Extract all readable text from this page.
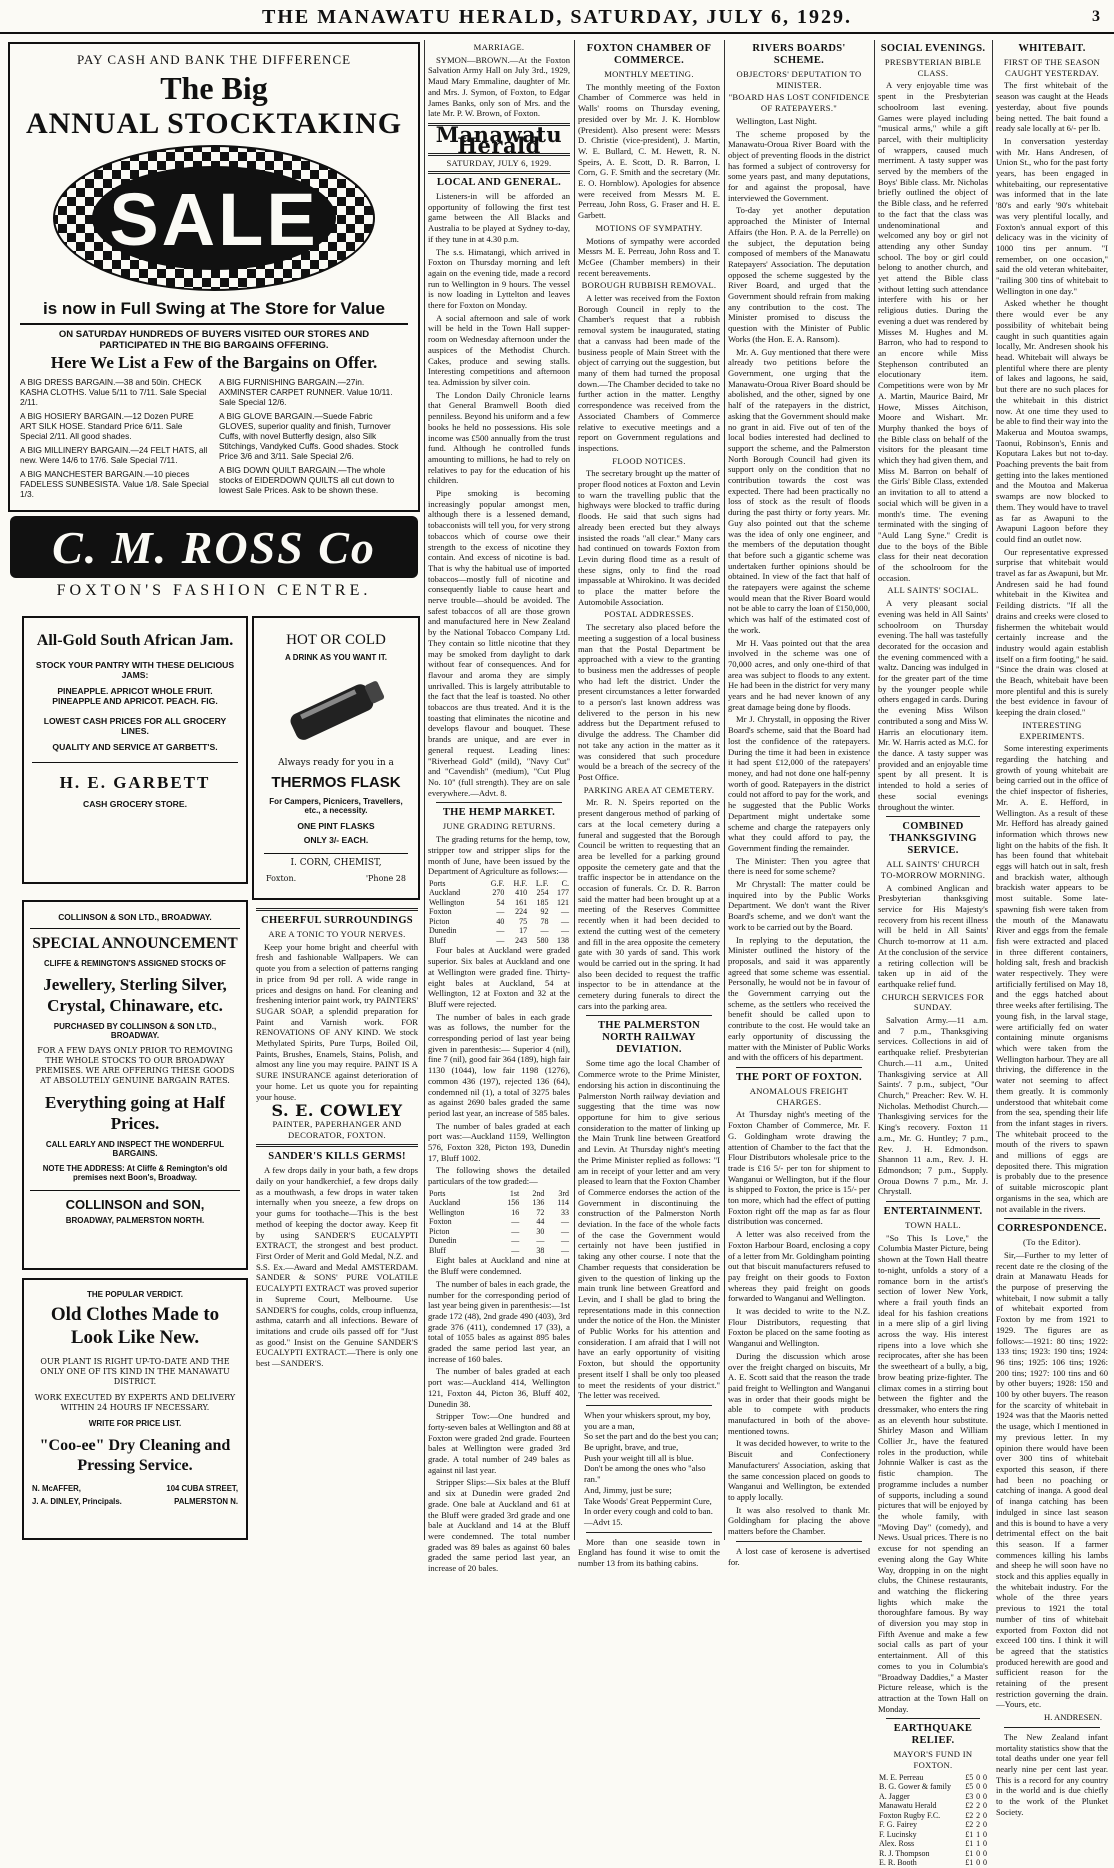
THE MANAWATU HERALD, SATURDAY, JULY 6, 1929.	3
PAY CASH AND BANK THE DIFFERENCE
The Big
ANNUAL STOCKTAKING
SALE
is now in Full Swing at The Store for Value
ON SATURDAY HUNDREDS OF BUYERS VISITED OUR STORES AND PARTICIPATED IN THE BIG BARGAINS OFFERING.
Here We List a Few of the Bargains on Offer.
A BIG DRESS BARGAIN.—38 and 50in. CHECK KASHA CLOTHS. Value 5/11 to 7/11. Sale Special 2/11.
A BIG HOSIERY BARGAIN.—12 Dozen PURE ART SILK HOSE. Standard Price 6/11. Sale Special 2/11. All good shades.
A BIG MILLINERY BARGAIN.—24 FELT HATS, all new. Were 14/6 to 17/6. Sale Special 7/11.
A BIG MANCHESTER BARGAIN.—10 pieces FADELESS SUNBESISTA. Value 1/8. Sale Special 1/3.
A BIG FURNISHING BARGAIN.—27in. AXMINSTER CARPET RUNNER. Value 10/11. Sale Special 12/6.
A BIG GLOVE BARGAIN.—Suede Fabric GLOVES, superior quality and finish, Turnover Cuffs, with novel Butterfly design, also Silk Stitchings, Vandyked Cuffs. Good shades. Stock Price 3/6 and 3/11. Sale Special 2/6.
A BIG DOWN QUILT BARGAIN.—The whole stocks of EIDERDOWN QUILTS all cut down to lowest Sale Prices. Ask to be shown these.
C. M. ROSS Co
FOXTON'S FASHION CENTRE.
All-Gold South African Jam.
STOCK YOUR PANTRY WITH THESE DELICIOUS JAMS:
PINEAPPLE. APRICOT WHOLE FRUIT. PINEAPPLE AND APRICOT. PEACH. FIG.
LOWEST CASH PRICES FOR ALL GROCERY LINES.
QUALITY AND SERVICE AT GARBETT'S.
H. E. GARBETT
CASH GROCERY STORE.
HOT OR COLD
A DRINK AS YOU WANT IT.
Always ready for you in a
THERMOS FLASK
For Campers, Picnicers, Travellers, etc., a necessity.
ONE PINT FLASKS
ONLY 3/- EACH.
I. CORN, CHEMIST,
Foxton.	'Phone 28
COLLINSON & SON LTD., BROADWAY.
SPECIAL ANNOUNCEMENT
CLIFFE & REMINGTON'S ASSIGNED STOCKS OF
Jewellery, Sterling Silver, Crystal, Chinaware, etc.
PURCHASED BY COLLINSON & SON LTD., BROADWAY.
FOR A FEW DAYS ONLY PRIOR TO REMOVING THE WHOLE STOCKS TO OUR BROADWAY PREMISES. WE ARE OFFERING THESE GOODS AT ABSOLUTELY GENUINE BARGAIN RATES.
Everything going at Half Prices.
CALL EARLY AND INSPECT THE WONDERFUL BARGAINS.
NOTE THE ADDRESS: At Cliffe & Remington's old premises next Boon's, Broadway.
COLLINSON and SON,
BROADWAY, PALMERSTON NORTH.
THE POPULAR VERDICT.
Old Clothes Made to Look Like New.
OUR PLANT IS RIGHT UP-TO-DATE AND THE ONLY ONE OF ITS KIND IN THE MANAWATU DISTRICT.
WORK EXECUTED BY EXPERTS AND DELIVERY WITHIN 24 HOURS IF NECESSARY.
WRITE FOR PRICE LIST.
"Coo-ee" Dry Cleaning and Pressing Service.
N. McAFFER,
J. A. DINLEY, Principals.
104 CUBA STREET,
PALMERSTON N.
CHEERFUL SURROUNDINGS
ARE A TONIC TO YOUR NERVES.

Keep your home bright and cheerful with fresh and fashionable Wallpapers. We can quote you from a selection of patterns ranging in price from 9d per roll. A wide range in prices and designs on hand. For cleaning and freshening interior paint work, try PAINTERS' SUGAR SOAP, a splendid preparation for Paint and Varnish work. FOR RENOVATIONS OF ANY KIND. We stock Methylated Spirits, Pure Turps, Boiled Oil, Paints, Brushes, Enamels, Stains, Polish, and almost any line you may require. PAINT IS A SURE INSURANCE against deterioration of your home. Let us quote you for repainting your house.

S. E. COWLEY
PAINTER, PAPERHANGER AND DECORATOR, FOXTON.
SANDER'S KILLS GERMS!

A few drops daily in your bath, a few drops daily on your handkerchief, a few drops daily as a mouthwash, a few drops in water taken internally when you sneeze, a few drops on your gums for toothache—This is the best method of keeping the doctor away. Keep fit by using SANDER'S EUCALYPTI EXTRACT, the strongest and best product. First Order of Merit and Gold Medal, N.Z. and S.S. Ex.—Award and Medal AMSTERDAM. SANDER & SONS' PURE VOLATILE EUCALYPTI EXTRACT was proved superior in Supreme Court, Melbourne. Use SANDER'S for coughs, colds, croup influenza, asthma, catarrh and all infections. Beware of imitations and crude oils passed off for "Just as good." Insist on the Genuine SANDER'S EUCALYPTI EXTRACT.—There is only one best —SANDER'S.

MARRIAGE.

SYMON—BROWN.—At the Foxton Salvation Army Hall on July 3rd., 1929, Maud Mary Emmaline, daughter of Mr. and Mrs. J. Symon, of Foxton, to Edgar James Banks, only son of Mrs. and the late Mr. P. W. Brown, of Foxton.

Manawatu Herald
SATURDAY, JULY 6, 1929.
LOCAL AND GENERAL.

Listeners-in will be afforded an opportunity of following the first test game between the All Blacks and Australia to be played at Sydney to-day, if they tune in at 4.30 p.m.

The s.s. Himatangi, which arrived in Foxton on Thursday morning and left again on the evening tide, made a record run to Wellington in 9 hours. The vessel is now loading in Lyttelton and leaves there for Foxton on Monday.

A social afternoon and sale of work will be held in the Town Hall supper-room on Wednesday afternoon under the auspices of the Methodist Church. Cakes, produce and sewing stalls. Interesting competitions and afternoon tea. Admission by silver coin.

The London Daily Chronicle learns that General Bramwell Booth died penniless. Beyond his uniform and a few books he held no possessions. His sole income was £500 annually from the trust fund. Although he controlled funds amounting to millions, he had to rely on relatives to pay for the education of his children.

Pipe smoking is becoming increasingly popular amongst men, although there is a lessened demand, tobacconists will tell you, for very strong tobaccos which of course owe their strength to the excess of nicotine they contain. And excess of nicotine is bad. That is why the habitual use of imported tobaccos—mostly full of nicotine and consequently liable to cause heart and nerve trouble—should be avoided. The safest tobaccos of all are those grown and manufactured here in New Zealand by the National Tobacco Company Ltd. They contain so little nicotine that they may be smoked from daylight to dark without fear of consequences. And for flavour and aroma they are simply unrivalled. This is largely attributable to the fact that the leaf is toasted. No other tobaccos are thus treated. And it is the toasting that eliminates the nicotine and develops flavour and bouquet. These brands are unique, and are ever in general request. Leading lines: "Riverhead Gold" (mild), "Navy Cut" and "Cavendish" (medium), "Cut Plug No. 10" (full strength). They are on sale everywhere.—Advt. 8.

THE HEMP MARKET.
JUNE GRADING RETURNS.

The grading returns for the hemp, tow, stripper tow and stripper slips for the month of June, have been issued by the Department of Agriculture as follows:—

Ports	G.F.	H.F.	L.F.	C.
Auckland	270	410	254	177
Wellington	54	161	185	121
Foxton	—	224	92	—
Picton	40	75	78	—
Dunedin	—	17	—	—
Bluff	—	243	580	138

Four bales at Auckland were graded superior. Six bales at Auckland and one at Wellington were graded fine. Thirty-eight bales at Auckland, 54 at Wellington, 12 at Foxton and 32 at the Bluff were rejected.

The number of bales in each grade was as follows, the number for the corresponding period of last year being given in parenthesis:— Superior 4 (nil), fine 7 (nil), good fair 364 (189), high fair 1130 (1044), low fair 1198 (1276), common 436 (197), rejected 136 (64), condemned nil (1), a total of 3275 bales as against 2690 bales graded the same period last year, an increase of 585 bales.

The number of bales graded at each port was:—Auckland 1159, Wellington 576, Foxton 328, Picton 193, Dunedin 17, Bluff 1002.

The following shows the detailed particulars of the tow graded:—

Ports	1st	2nd	3rd
Auckland	156	136	114
Wellington	16	72	33
Foxton	—	44	—
Picton	—	30	—
Dunedin	—	—	—
Bluff	—	38	—

Eight bales at Auckland and nine at the Bluff were condemned.

The number of bales in each grade, the number for the corresponding period of last year being given in parenthesis:—1st grade 172 (48), 2nd grade 490 (403), 3rd grade 376 (411), condemned 17 (33), a total of 1055 bales as against 895 bales graded the same period last year, an increase of 160 bales.

The number of bales graded at each port was:—Auckland 414, Wellington 121, Foxton 44, Picton 36, Bluff 402, Dunedin 38.

Stripper Tow:—One hundred and forty-seven bales at Wellington and 88 at Foxton were graded 2nd grade. Fourteen bales at Wellington were graded 3rd grade. A total number of 249 bales as against nil last year.

Stripper Slips:—Six bales at the Bluff and six at Dunedin were graded 2nd grade. One bale at Auckland and 61 at the Bluff were graded 3rd grade and one bale at Auckland and 14 at the Bluff were condemned. The total number graded was 89 bales as against 60 bales graded the same period last year, an increase of 20 bales.

FOXTON CHAMBER OF COMMERCE.
MONTHLY MEETING.

The monthly meeting of the Foxton Chamber of Commerce was held in Walls' rooms on Thursday evening, presided over by Mr. J. K. Hornblow (President). Also present were: Messrs D. Christie (vice-president), J. Martin, W. E. Bullard, C. M. Hewett, R. N. Speirs, A. E. Scott, D. R. Barron, I. Corn, G. F. Smith and the secretary (Mr. E. O. Hornblow). Apologies for absence were received from Messrs M. E. Perreau, John Ross, G. Fraser and H. E. Garbett.

MOTIONS OF SYMPATHY.

Motions of sympathy were accorded Messrs M. E. Perreau, John Ross and T. McGee (Chamber members) in their recent bereavements.

BOROUGH RUBBISH REMOVAL.

A letter was received from the Foxton Borough Council in reply to the Chamber's request that a rubbish removal system be inaugurated, stating that a canvass had been made of the business people of Main Street with the object of carrying out the suggestion, but many of them had turned the proposal down.—The Chamber decided to take no further action in the matter. Lengthy correspondence was received from the Associated Chambers of Commerce relative to executive meetings and a report on Government regulations and inspections.

FLOOD NOTICES.

The secretary brought up the matter of proper flood notices at Foxton and Levin to warn the travelling public that the highways were blocked to traffic during floods. He said that such signs had already been erected but they always insisted the roads "all clear." Many cars had continued on towards Foxton from Levin during flood time as a result of these signs, only to find the road impassable at Whirokino. It was decided to place the matter before the Automobile Association.

POSTAL ADDRESSES.

The secretary also placed before the meeting a suggestion of a local business man that the Postal Department be approached with a view to the granting to business men the addresses of people who had left the district. Under the present circumstances a letter forwarded to a person's last known address was delivered to the person in his new address but the Department refused to divulge the address. The Chamber did not take any action in the matter as it was considered that such procedure would be a breach of the secrecy of the Post Office.

PARKING AREA AT CEMETERY.

Mr. R. N. Speirs reported on the present dangerous method of parking of cars at the local cemetery during a funeral and suggested that the Borough Council be written to requesting that an area be levelled for a parking ground opposite the cemetery gate and that the traffic inspector be in attendance on the occasion of funerals. Cr. D. R. Barron said the matter had been brought up at a meeting of the Reserves Committee recently when it had been decided to extend the cutting west of the cemetery and fill in the area opposite the cemetery gate with 30 yards of sand. This work would be carried out in the spring. It had also been decided to request the traffic inspector to be in attendance at the cemetery during funerals to direct the cars into the parking area.

THE PALMERSTON NORTH RAILWAY DEVIATION.

Some time ago the local Chamber of Commerce wrote to the Prime Minister, endorsing his action in discontinuing the Palmerston North railway deviation and suggesting that the time was now opportune for him to give serious consideration to the matter of linking up the Main Trunk line between Greatford and Levin. At Thursday night's meeting the Prime Minister replied as follows: "I am in receipt of your letter and am very pleased to learn that the Foxton Chamber of Commerce endorses the action of the Government in discontinuing the construction of the Palmerston North deviation. In the face of the whole facts of the case the Government would certainly not have been justified in taking any other course. I note that the Chamber requests that consideration be given to the question of linking up the main trunk line between Greatford and Levin, and I shall be glad to bring the representations made in this connection under the notice of the Hon. the Minister of Public Works for his attention and consideration. I am afraid that I will not have an early opportunity of visiting Foxton, but should the opportunity present itself I shall be only too pleased to meet the residents of your district." The letter was received.

When your whiskers sprout, my boy, you are a man,
So set the part and do the best you can;
Be upright, brave, and true,
Push your weight till all is blue.
Don't be among the ones who "also ran."
And, Jimmy, just be sure;
Take Woods' Great Peppermint Cure,
In order every cough and cold to ban.—Advt 15.

More than one seaside town in England has found it wise to omit the number 13 from its bathing cabins.

RIVERS BOARDS' SCHEME.
OBJECTORS' DEPUTATION TO MINISTER.
"BOARD HAS LOST CONFIDENCE OF RATEPAYERS."

Wellington, Last Night.

The scheme proposed by the Manawatu-Oroua River Board with the object of preventing floods in the district has formed a subject of controversy for some years past, and many deputations, for and against the proposal, have interviewed the Government.

To-day yet another deputation approached the Minister of Internal Affairs (the Hon. P. A. de la Perrelle) on the subject, the deputation being composed of members of the Manawatu Ratepayers' Association. The deputation opposed the scheme suggested by the River Board, and urged that the Government should refrain from making any contribution to the cost. The Minister promised to discuss the question with the Minister of Public Works (the Hon. E. A. Ransom).

Mr. A. Guy mentioned that there were already two petitions before the Government, one urging that the Manawatu-Oroua River Board should be abolished, and the other, signed by one half of the ratepayers in the district, asking that the Government should make no grant in aid. Five out of ten of the local bodies interested had declined to support the scheme, and the Palmerston North Borough Council had given its support only on the condition that no contribution towards the cost was expected. There had been practically no loss of stock as the result of floods during the past thirty or forty years. Mr. Guy also pointed out that the scheme was the idea of only one engineer, and the members of the deputation thought that before such a gigantic scheme was undertaken further opinions should be obtained. In view of the fact that half of the ratepayers were against the scheme would mean that the River Board would not be able to carry the loan of £150,000, which was half of the estimated cost of the work.

Mr H. Vaas pointed out that the area involved in the scheme was one of 70,000 acres, and only one-third of that area was subject to floods to any extent. He had been in the district for very many years and he had never known of any great damage being done by floods.

Mr J. Chrystall, in opposing the River Board's scheme, said that the Board had lost the confidence of the ratepayers. During the time it had been in existence it had spent £12,000 of the ratepayers' money, and had not done one half-penny worth of good. Ratepayers in the district could not afford to pay for the work, and he suggested that the Public Works Department might undertake some scheme and charge the ratepayers only what they could afford to pay, the Government finding the remainder.

The Minister: Then you agree that there is need for some scheme?

Mr Chrystall: The matter could be inquired into by the Public Works Department. We don't want the River Board's scheme, and we don't want the work to be carried out by the Board.

In replying to the deputation, the Minister outlined the history of the proposals, and said it was apparently agreed that some scheme was essential. Personally, he would not be in favour of the Government carrying out the scheme, as the settlers who received the benefit should be called upon to contribute to the cost. He would take an early opportunity of discussing the matter with the Minister of Public Works and with the officers of his department.

THE PORT OF FOXTON.
ANOMALOUS FREIGHT CHARGES.

At Thursday night's meeting of the Foxton Chamber of Commerce, Mr. F. G. Goldingham wrote drawing the attention of Chamber to the fact that the Flour Distributors wholesale price to the trade is £16 5/- per ton for shipment to Wanganui or Wellington, but if the flour is shipped to Foxton, the price is 15/- per ton more, which had the effect of putting Foxton right off the map as far as flour distribution was concerned.

A letter was also received from the Foxton Harbour Board, enclosing a copy of a letter from Mr. Goldingham pointing out that biscuit manufacturers refused to pay freight on their goods to Foxton whereas they paid freight on goods forwarded to Wanganui and Wellington.

It was decided to write to the N.Z. Flour Distributors, requesting that Foxton be placed on the same footing as Wanganui and Wellington.

During the discussion which arose over the freight charged on biscuits, Mr A. E. Scott said that the reason the trade paid freight to Wellington and Wanganui was in order that their goods might be able to compete with products manufactured in both of the above-mentioned towns.

It was decided however, to write to the Biscuit and Confectionery Manufacturers' Association, asking that the same concession placed on goods to Wanganui and Wellington, be extended to apply locally.

It was also resolved to thank Mr. Goldingham for placing the above matters before the Chamber.

A lost case of kerosene is advertised for.

SOCIAL EVENINGS.
PRESBYTERIAN BIBLE CLASS.

A very enjoyable time was spent in the Presbyterian schoolroom last evening. Games were played including "musical arms," while a gift parcel, with their multiplicity of wrappers, caused much merriment. A tasty supper was served by the members of the Boys' Bible class. Mr. Nicholas briefly outlined the object of the Bible class, and he referred to the fact that the class was undenominational and welcomed any boy or girl not attending any other Sunday school. The boy or girl could belong to another church, and yet attend the Bible class without letting such attendance interfere with his or her religious duties. During the evening a duet was rendered by Misses M. Hughes and M. Barron, who had to respond to an encore while Miss Stephenson contributed an elocutionary item. Competitions were won by Mr A. Martin, Maurice Baird, Mr Howe, Misses Aitchison, Moore and Wishart. Mr. Murphy thanked the boys of the Bible class on behalf of the visitors for the pleasant time which they had given them, and Miss M. Barron on behalf of the Girls' Bible Class, extended an invitation to all to attend a social which will be given in a month's time. The evening terminated with the singing of "Auld Lang Syne." Credit is due to the boys of the Bible class for their neat decoration of the schoolroom for the occasion.

ALL SAINTS' SOCIAL.

A very pleasant social evening was held in All Saints' schoolroom on Thursday evening. The hall was tastefully decorated for the occasion and the evening commenced with a waltz. Dancing was indulged in for the greater part of the time by the younger people while others engaged in cards. During the evening Miss Wilson contributed a song and Miss W. Harris an elocutionary item. Mr. W. Harris acted as M.C. for the dance. A tasty supper was provided and an enjoyable time spent by all present. It is intended to hold a series of these social evenings throughout the winter.

COMBINED THANKSGIVING SERVICE.
ALL SAINTS' CHURCH TO-MORROW MORNING.

A combined Anglican and Presbyterian thanksgiving service for His Majesty's recovery from his recent illness will be held in All Saints' Church to-morrow at 11 a.m. At the conclusion of the service a retiring collection will be taken up in aid of the earthquake relief fund.

CHURCH SERVICES FOR SUNDAY.

Salvation Army.—11 a.m. and 7 p.m., Thanksgiving services. Collections in aid of earthquake relief. Presbyterian Church.—11 a.m., United Thanksgiving service at All Saints'. 7 p.m., subject, "Our Church," Preacher: Rev. W. H. Nicholas. Methodist Church.—Thanksgiving services for the King's recovery. Foxton 11 a.m., Mr. G. Huntley; 7 p.m., Rev. J. H. Edmondson. Shannon 11 a.m., Rev. J. H. Edmondson; 7 p.m., Supply. Oroua Downs 7 p.m., Mr. J. Chrystall.

ENTERTAINMENT.
TOWN HALL.

"So This Is Love," the Columbia Master Picture, being shown at the Town Hall theatre to-night, unfolds a story of a romance born in the artist's section of lower New York, where a frail youth finds an ideal for his fashion creations in a mere slip of a girl living across the way. His interest ripens into a love which she reciprocates, after she has been the sweetheart of a bully, a big, brow beating prize-fighter. The climax comes in a stirring bout between the fighter and the dressmaker, who enters the ring as an eleventh hour substitute. Shirley Mason and William Collier Jr., have the featured roles in the production, while Johnnie Walker is cast as the fistic champion. The programme includes a number of supports, including a sound pictures that will be enjoyed by the whole family, with "Moving Day" (comedy), and News. Usual prices. There is no excuse for not spending an evening along the Gay White Way, dropping in on the night clubs, the Chinese restaurants, and watching the flickering lights which make the thoroughfare famous. By way of diversion you may stop in Fifth Avenue and make a few social calls as part of your entertainment. All of this comes to you in Columbia's "Broadway Daddies," a Master Picture release, which is the attraction at the Town Hall on Monday.

EARTHQUAKE RELIEF.
MAYOR'S FUND IN FOXTON.
M. E. Perreau	£5	0	0
B. G. Gower & family	£5	0	0
A. Jagger	£3	0	0
Manawatu Herald	£2	2	0
Foxton Rugby F.C.	£2	2	0
F. G. Fairey	£2	2	0
F. Lucinsky	£1	1	0
Alex. Ross	£1	1	0
R. J. Thompson	£1	0	0
E. R. Booth	£1	0	0
WHITEBAIT.
FIRST OF THE SEASON CAUGHT YESTERDAY.

The first whitebait of the season was caught at the Heads yesterday, about five pounds being netted. The bait found a ready sale locally at 6/- per lb.

In conversation yesterday with Mr. Hans Andresen, of Union St., who for the past forty years, has been engaged in whitebaiting, our representative was informed that in the late '80's and early '90's whitebait was very plentiful locally, and Foxton's annual export of this delicacy was in the vicinity of 1000 tins per annum. "I remember, on one occasion," said the old veteran whitebaiter, "railing 300 tins of whitebait to Wellington in one day."

Asked whether he thought there would ever be any possibility of whitebait being caught in such quantities again locally, Mr. Andresen shook his head. Whitebait will always be plentiful where there are plenty of lakes and lagoons, he said, but there are no such places for the whitebait in this district now. At one time they used to be able to find their way into the Makerua and Moutoa swamps, Taonui, Robinson's, Ennis and Koputara Lakes but not to-day. Poaching prevents the bait from getting into the lakes mentioned and the Moutoa and Makerua swamps are now blocked to them. They would have to travel as far as Awapuni to the Awapuni Lagoon before they could find an outlet now.

Our representative expressed surprise that whitebait would travel as far as Awapuni, but Mr. Andresen said he had found whitebait in the Kiwitea and Feilding districts. "If all the drains and creeks were closed to fishermen the whitebait would certainly increase and the industry would again establish itself on a firm footing," he said. "Since the drain was closed at the Beach, whitebait have been more plentiful and this is surely the best evidence in favour of keeping the drain closed."

INTERESTING EXPERIMENTS.

Some interesting experiments regarding the hatching and growth of young whitebait are being carried out in the office of the chief inspector of fisheries, Mr. A. E. Hefford, in Wellington. As a result of these Mr. Hefford has already gained information which throws new light on the habits of the fish. It has been found that whitebait eggs will hatch out in salt, fresh and brackish water, although brackish water appears to be most suitable. Some late-spawning fish were taken from the mouth of the Manawatu River and eggs from the female fish were extracted and placed in three different containers, holding salt, fresh and brackish water respectively. They were artificially fertilised on May 18, and the eggs hatched about three weeks after fertilising. The young fish, in the larval stage, were artificially fed on water containing minute organisms which were taken from the Wellington harbour. They are all thriving, the difference in the water not seeming to affect them greatly. It is commonly understood that whitebait come from the sea, spending their life from the infant stages in rivers. The whitebait proceed to the mouth of the rivers to spawn and millions of eggs are deposited there. This migration is probably due to the presence of suitable microscopic plant organisms in the sea, which are not available in the rivers.

CORRESPONDENCE.
(To the Editor).

Sir,—Further to my letter of recent date re the closing of the drain at Manawatu Heads for the purpose of preserving the whitebait, I now submit a tally of whitebait exported from Foxton by me from 1921 to 1929. The figures are as follows:—1921: 80 tins; 1922: 133 tins; 1923: 190 tins; 1924: 96 tins; 1925: 106 tins; 1926: 200 tins; 1927: 100 tins and 60 by other buyers; 1928: 150 and 100 by other buyers. The reason for the scarcity of whitebait in 1924 was that the Maoris netted the usage, which I mentioned in my previous letter. In my opinion there would have been over 300 tins of whitebait exported this season, if there had been no poaching or catching of inanga. A good deal of inanga catching has been indulged in since last season and this is bound to have a very detrimental effect on the bait this season. If a farmer commences killing his lambs and sheep he will soon have no stock and this applies equally in the whitebait industry. For the whole of the three years previous to 1921 the total number of tins of whitebait exported from Foxton did not exceed 100 tins. I think it will be agreed that the statistics produced herewith are good and sufficient reason for the retaining of the present restriction governing the drain.—Yours, etc.

H. ANDRESEN.

The New Zealand infant mortality statistics show that the total deaths under one year fell nearly nine per cent last year. This is a record for any country in the world and is due chiefly to the work of the Plunket Society.
